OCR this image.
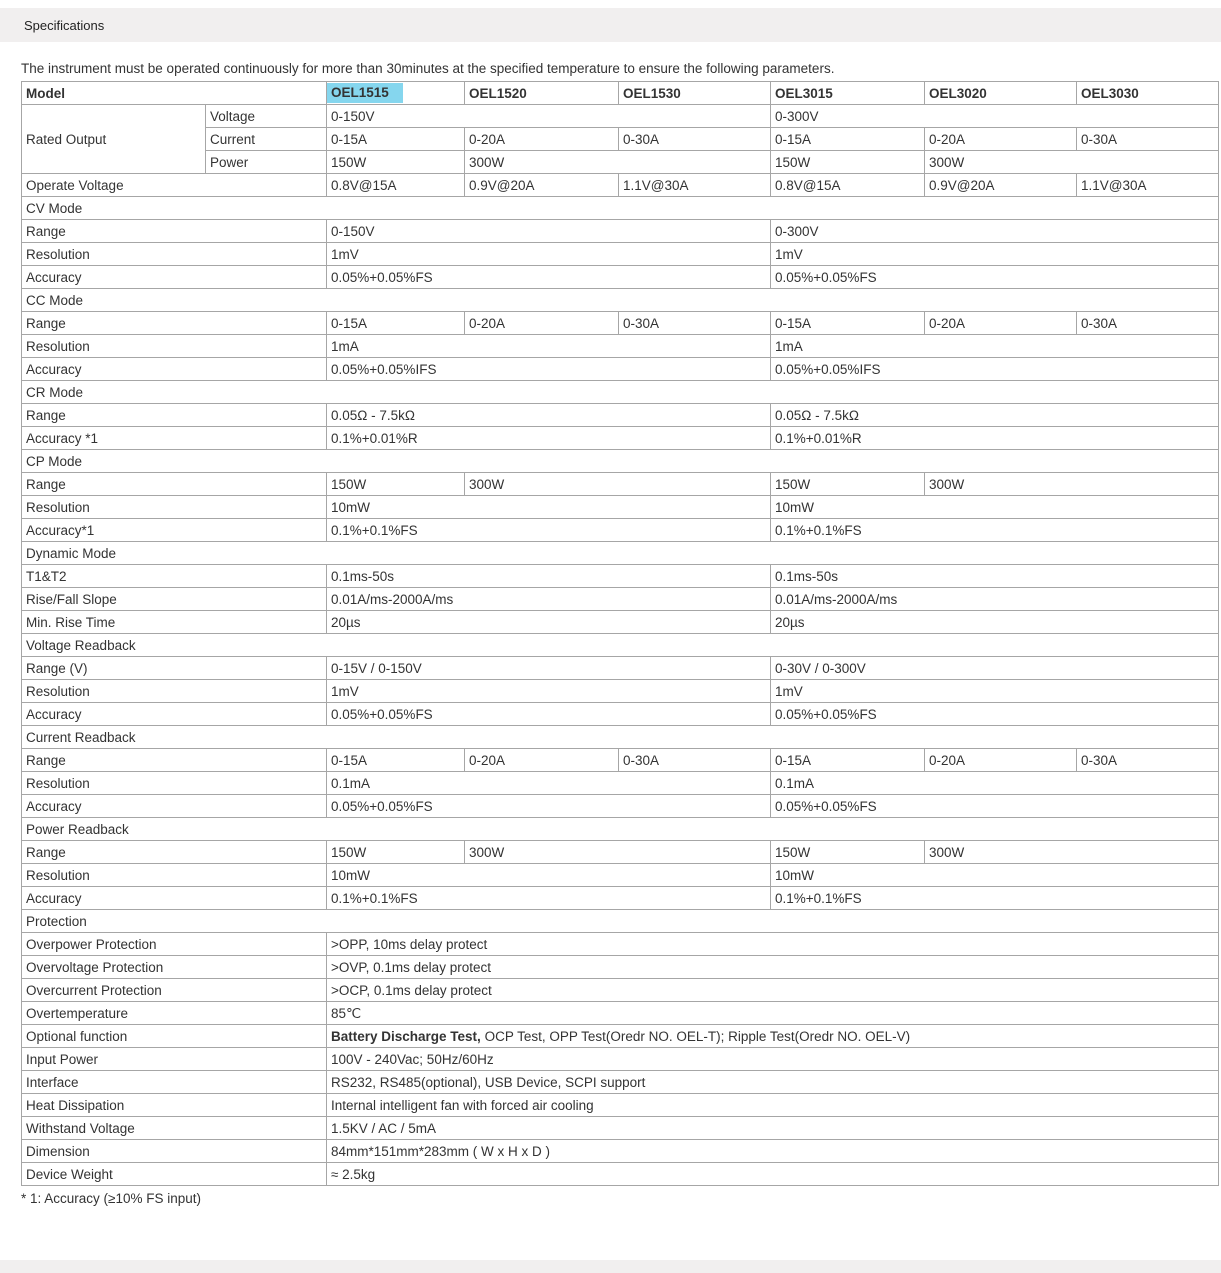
Specifications

The instrument must be operated continuously for more than 30minutes at the specified temperature to ensure the following parameters.

Model		OEL1515	OEL1520	OEL1530	OEL3015	OEL3020	OEL3030
Rated Output	Voltage	0-150V			0-300V		
	Current	0-15A	0-20A	0-30A	0-15A	0-20A	0-30A
	Power	150W	300W		150W	300W	
Operate Voltage		0.8V@15A	0.9V@20A	1.1V@30A	0.8V@15A	0.9V@20A	1.1V@30A
CV Mode							
Range		0-150V			0-300V		
Resolution		1mV			1mV		
Accuracy		0.05%+0.05%FS			0.05%+0.05%FS		
CC Mode							
Range		0-15A	0-20A	0-30A	0-15A	0-20A	0-30A
Resolution		1mA			1mA		
Accuracy		0.05%+0.05%IFS			0.05%+0.05%IFS		
CR Mode							
Range		0.05Ω - 7.5kΩ			0.05Ω - 7.5kΩ		
Accuracy *1		0.1%+0.01%R			0.1%+0.01%R		
CP Mode							
Range		150W	300W		150W	300W	
Resolution		10mW			10mW		
Accuracy*1		0.1%+0.1%FS			0.1%+0.1%FS		
Dynamic Mode							
T1&T2		0.1ms-50s			0.1ms-50s		
Rise/Fall Slope		0.01A/ms-2000A/ms			0.01A/ms-2000A/ms		
Min. Rise Time		20µs			20µs		
Voltage Readback							
Range (V)		0-15V / 0-150V			0-30V / 0-300V		
Resolution		1mV			1mV		
Accuracy		0.05%+0.05%FS			0.05%+0.05%FS		
Current Readback							
Range		0-15A	0-20A	0-30A	0-15A	0-20A	0-30A
Resolution		0.1mA			0.1mA		
Accuracy		0.05%+0.05%FS			0.05%+0.05%FS		
Power Readback							
Range		150W	300W		150W	300W	
Resolution		10mW			10mW		
Accuracy		0.1%+0.1%FS			0.1%+0.1%FS		
Protection							
Overpower Protection		>OPP, 10ms delay protect					
Overvoltage Protection		>OVP, 0.1ms delay protect					
Overcurrent Protection		>OCP, 0.1ms delay protect					
Overtemperature		85℃					
Optional function		Battery Discharge Test, OCP Test, OPP Test(Oredr NO. OEL-T); Ripple Test(Oredr NO. OEL-V)					
Input Power		100V - 240Vac; 50Hz/60Hz					
Interface		RS232, RS485(optional), USB Device, SCPI support					
Heat Dissipation		Internal intelligent fan with forced air cooling					
Withstand Voltage		1.5KV / AC / 5mA					
Dimension		84mm*151mm*283mm ( W x H x D )					
Device Weight		≈ 2.5kg					
* 1: Accuracy (≥10% FS input)
